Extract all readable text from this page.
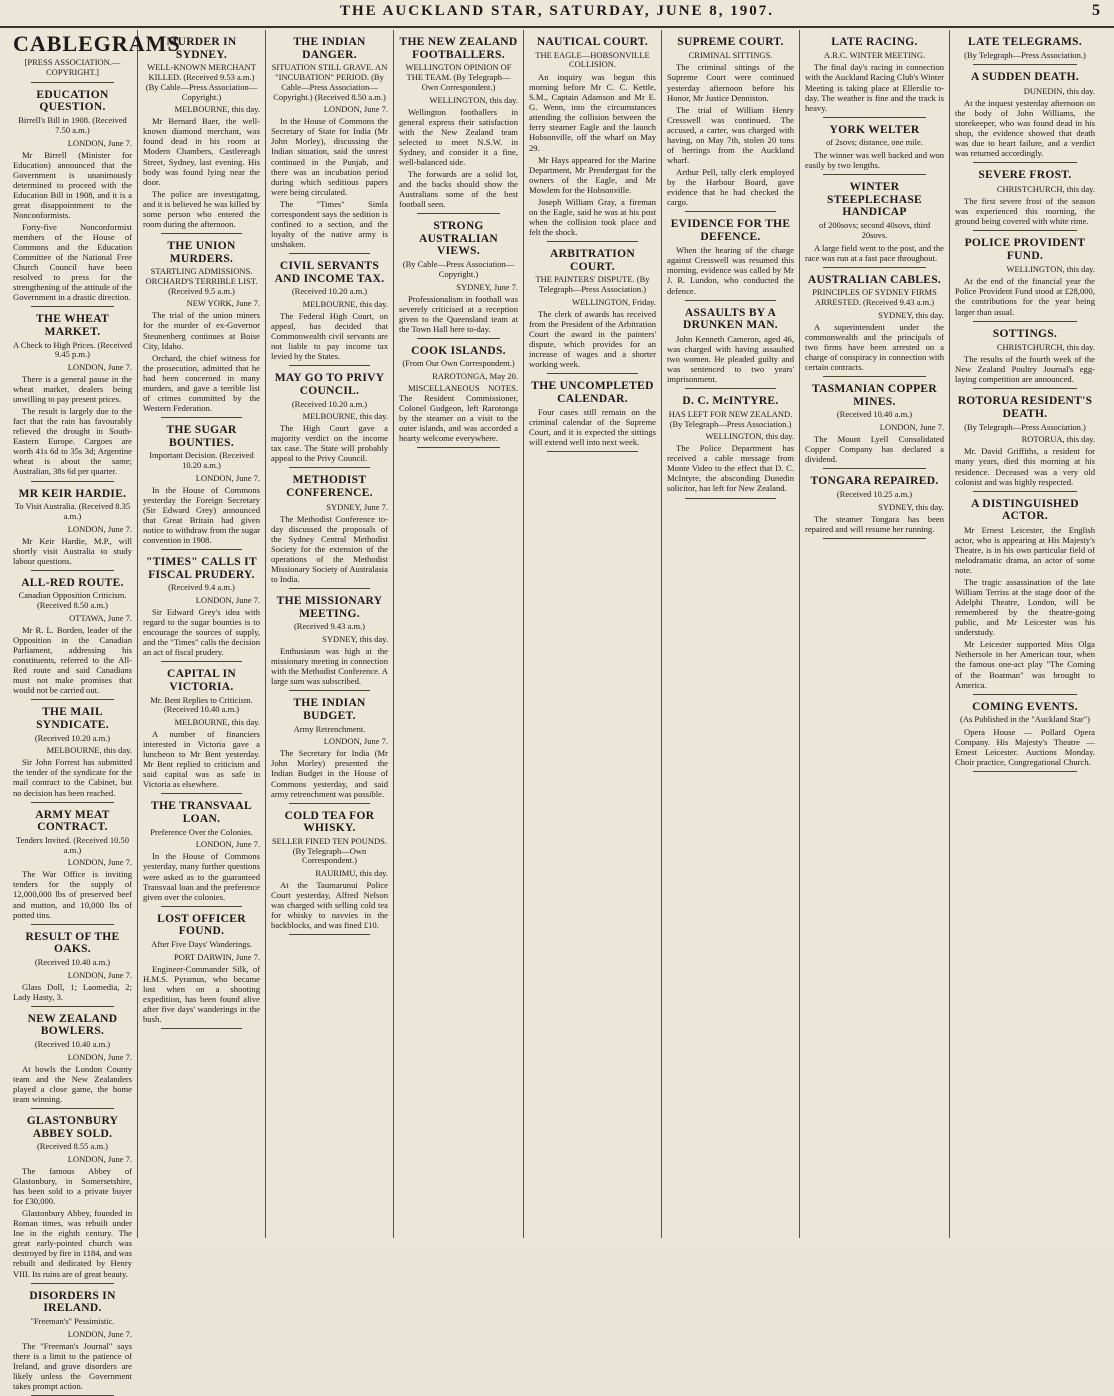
THE AUCKLAND STAR, SATURDAY, JUNE 8, 1907.	5
CABLEGRAMS
[PRESS ASSOCIATION.—COPYRIGHT.]
EDUCATION QUESTION.
Birrell's Bill in 1908. (Received 7.50 a.m.)
LONDON, June 7.

Mr Birrell (Minister for Education) announced that the Government is unanimously determined to proceed with the Education Bill in 1908, and it is a great disappointment to the Nonconformists.

Forty-five Nonconformist members of the House of Commons and the Education Committee of the National Free Church Council have been resolved to press for the strengthening of the attitude of the Government in a drastic direction.

THE WHEAT MARKET.
A Check to High Prices. (Received 9.45 p.m.)
LONDON, June 7.

There is a general pause in the wheat market, dealers being unwilling to pay present prices.

The result is largely due to the fact that the rain has favourably relieved the drought in South-Eastern Europe. Cargoes are worth 41s 6d to 35s 3d; Argentine wheat is about the same; Australian, 38s 6d per quarter.

MR KEIR HARDIE.
To Visit Australia. (Received 8.35 a.m.)
LONDON, June 7.

Mr Keir Hardie, M.P., will shortly visit Australia to study labour questions.

ALL-RED ROUTE.
Canadian Opposition Criticism. (Received 8.50 a.m.)
OTTAWA, June 7.

Mr R. L. Borden, leader of the Opposition in the Canadian Parliament, addressing his constituents, referred to the All-Red route and said Canadians must not make promises that would not be carried out.

THE MAIL SYNDICATE.
(Received 10.20 a.m.)
MELBOURNE, this day.

Sir John Forrest has submitted the tender of the syndicate for the mail contract to the Cabinet, but no decision has been reached.

ARMY MEAT CONTRACT.
Tenders Invited. (Received 10.50 a.m.)
LONDON, June 7.

The War Office is inviting tenders for the supply of 12,000,000 lbs of preserved beef and mutton, and 10,000 lbs of potted tins.

RESULT OF THE OAKS.
(Received 10.40 a.m.)
LONDON, June 7.

Glass Doll, 1; Laomedia, 2; Lady Hasty, 3.

NEW ZEALAND BOWLERS.
(Received 10.40 a.m.)
LONDON, June 7.

At bowls the London County team and the New Zealanders played a close game, the home team winning.

GLASTONBURY ABBEY SOLD.
(Received 8.55 a.m.)
LONDON, June 7.

The famous Abbey of Glastonbury, in Somersetshire, has been sold to a private buyer for £30,000.

Glastonbury Abbey, founded in Roman times, was rebuilt under Ine in the eighth century. The great early-pointed church was destroyed by fire in 1184, and was rebuilt and dedicated by Henry VIII. Its ruins are of great beauty.

DISORDERS IN IRELAND.
"Freeman's" Pessimistic.
LONDON, June 7.

The "Freeman's Journal" says there is a limit to the patience of Ireland, and grave disorders are likely unless the Government takes prompt action.

MURDER IN SYDNEY.
WELL-KNOWN MERCHANT KILLED. (Received 9.53 a.m.) (By Cable—Press Association—Copyright.)
MELBOURNE, this day.

Mr Bernard Baer, the well-known diamond merchant, was found dead in his room at Modern Chambers, Castlereagh Street, Sydney, last evening. His body was found lying near the door.

The police are investigating, and it is believed he was killed by some person who entered the room during the afternoon.

THE UNION MURDERS.
STARTLING ADMISSIONS. ORCHARD'S TERRIBLE LIST. (Received 9.5 a.m.)
NEW YORK, June 7.

The trial of the union miners for the murder of ex-Governor Steunenberg continues at Boise City, Idaho.

Orchard, the chief witness for the prosecution, admitted that he had been concerned in many murders, and gave a terrible list of crimes committed by the Western Federation.

THE SUGAR BOUNTIES.
Important Decision. (Received 10.20 a.m.)
LONDON, June 7.

In the House of Commons yesterday the Foreign Secretary (Sir Edward Grey) announced that Great Britain had given notice to withdraw from the sugar convention in 1908.

"TIMES" CALLS IT FISCAL PRUDERY.
(Received 9.4 a.m.)
LONDON, June 7.

Sir Edward Grey's idea with regard to the sugar bounties is to encourage the sources of supply, and the "Times" calls the decision an act of fiscal prudery.

CAPITAL IN VICTORIA.
Mr. Bent Replies to Criticism. (Received 10.40 a.m.)
MELBOURNE, this day.

A number of financiers interested in Victoria gave a luncheon to Mr Bent yesterday. Mr Bent replied to criticism and said capital was as safe in Victoria as elsewhere.

THE TRANSVAAL LOAN.
Preference Over the Colonies.
LONDON, June 7.

In the House of Commons yesterday, many further questions were asked as to the guaranteed Transvaal loan and the preference given over the colonies.

LOST OFFICER FOUND.
After Five Days' Wanderings.
PORT DARWIN, June 7.

Engineer-Commander Silk, of H.M.S. Pyramus, who became lost when on a shooting expedition, has been found alive after five days' wanderings in the bush.

THE INDIAN DANGER.
SITUATION STILL GRAVE. AN "INCUBATION" PERIOD. (By Cable—Press Association—Copyright.) (Received 8.50 a.m.)
LONDON, June 7.

In the House of Commons the Secretary of State for India (Mr John Morley), discussing the Indian situation, said the unrest continued in the Punjab, and there was an incubation period during which seditious papers were being circulated.

The "Times" Simla correspondent says the sedition is confined to a section, and the loyalty of the native army is unshaken.

CIVIL SERVANTS AND INCOME TAX.
(Received 10.20 a.m.)
MELBOURNE, this day.

The Federal High Court, on appeal, has decided that Commonwealth civil servants are not liable to pay income tax levied by the States.

MAY GO TO PRIVY COUNCIL.
(Received 10.20 a.m.)
MELBOURNE, this day.

The High Court gave a majority verdict on the income tax case. The State will probably appeal to the Privy Council.

METHODIST CONFERENCE.
SYDNEY, June 7.

The Methodist Conference to-day discussed the proposals of the Sydney Central Methodist Society for the extension of the operations of the Methodist Missionary Society of Australasia to India.

THE MISSIONARY MEETING.
(Received 9.43 a.m.)
SYDNEY, this day.

Enthusiasm was high at the missionary meeting in connection with the Methodist Conference. A large sum was subscribed.

THE INDIAN BUDGET.
Army Retrenchment.
LONDON, June 7.

The Secretary for India (Mr John Morley) presented the Indian Budget in the House of Commons yesterday, and said army retrenchment was possible.

COLD TEA FOR WHISKY.
SELLER FINED TEN POUNDS. (By Telegraph—Own Correspondent.)
RAURIMU, this day.

At the Taumarunui Police Court yesterday, Alfred Nelson was charged with selling cold tea for whisky to navvies in the backblocks, and was fined £10.

THE NEW ZEALAND FOOTBALLERS.
WELLINGTON OPINION OF THE TEAM. (By Telegraph—Own Correspondent.)
WELLINGTON, this day.

Wellington footballers in general express their satisfaction with the New Zealand team selected to meet N.S.W. in Sydney, and consider it a fine, well-balanced side.

The forwards are a solid lot, and the backs should show the Australians some of the best football seen.

STRONG AUSTRALIAN VIEWS.
(By Cable—Press Association—Copyright.)
SYDNEY, June 7.

Professionalism in football was severely criticised at a reception given to the Queensland team at the Town Hall here to-day.

COOK ISLANDS.
(From Our Own Correspondent.)
RAROTONGA, May 20.

MISCELLANEOUS NOTES. The Resident Commissioner, Colonel Gudgeon, left Rarotonga by the steamer on a visit to the outer islands, and was accorded a hearty welcome everywhere.

NAUTICAL COURT.
THE EAGLE—HOBSONVILLE COLLISION.

An inquiry was begun this morning before Mr C. C. Kettle, S.M., Captain Adamson and Mr E. G. Wenn, into the circumstances attending the collision between the ferry steamer Eagle and the launch Hobsonville, off the wharf on May 29.

Mr Hays appeared for the Marine Department, Mr Prendergast for the owners of the Eagle, and Mr Mowlem for the Hobsonville.

Joseph William Gray, a fireman on the Eagle, said he was at his post when the collision took place and felt the shock.

ARBITRATION COURT.
THE PAINTERS' DISPUTE. (By Telegraph—Press Association.)
WELLINGTON, Friday.

The clerk of awards has received from the President of the Arbitration Court the award in the painters' dispute, which provides for an increase of wages and a shorter working week.

THE UNCOMPLETED CALENDAR.

Four cases still remain on the criminal calendar of the Supreme Court, and it is expected the sittings will extend well into next week.

SUPREME COURT.
CRIMINAL SITTINGS.

The criminal sittings of the Supreme Court were continued yesterday afternoon before his Honor, Mr Justice Denniston.

The trial of William Henry Cresswell was continued. The accused, a carter, was charged with having, on May 7th, stolen 20 tons of herrings from the Auckland wharf.

Arthur Pell, tally clerk employed by the Harbour Board, gave evidence that he had checked the cargo.

EVIDENCE FOR THE DEFENCE.

When the hearing of the charge against Cresswell was resumed this morning, evidence was called by Mr J. R. Lundon, who conducted the defence.

ASSAULTS BY A DRUNKEN MAN.

John Kenneth Cameron, aged 46, was charged with having assaulted two women. He pleaded guilty and was sentenced to two years' imprisonment.

D. C. McINTYRE.
HAS LEFT FOR NEW ZEALAND. (By Telegraph—Press Association.)
WELLINGTON, this day.

The Police Department has received a cable message from Monte Video to the effect that D. C. McIntyre, the absconding Dunedin solicitor, has left for New Zealand.

LATE RACING.
A.R.C. WINTER MEETING.

The final day's racing in connection with the Auckland Racing Club's Winter Meeting is taking place at Ellerslie to-day. The weather is fine and the track is heavy.

YORK WELTER
of 2sovs; distance, one mile.

The winner was well backed and won easily by two lengths.

WINTER STEEPLECHASE HANDICAP
of 200sovs; second 40sovs, third 20sovs.

A large field went to the post, and the race was run at a fast pace throughout.

AUSTRALIAN CABLES.
PRINCIPLES OF SYDNEY FIRMS ARRESTED. (Received 9.43 a.m.)
SYDNEY, this day.

A superintendent under the commonwealth and the principals of two firms have been arrested on a charge of conspiracy in connection with certain contracts.

TASMANIAN COPPER MINES.
(Received 10.40 a.m.)
LONDON, June 7.

The Mount Lyell Consolidated Copper Company has declared a dividend.

TONGARA REPAIRED.
(Received 10.25 a.m.)
SYDNEY, this day.

The steamer Tongara has been repaired and will resume her running.

LATE TELEGRAMS.
(By Telegraph—Press Association.)
A SUDDEN DEATH.
DUNEDIN, this day.

At the inquest yesterday afternoon on the body of John Williams, the storekeeper, who was found dead in his shop, the evidence showed that death was due to heart failure, and a verdict was returned accordingly.

SEVERE FROST.
CHRISTCHURCH, this day.

The first severe frost of the season was experienced this morning, the ground being covered with white rime.

POLICE PROVIDENT FUND.
WELLINGTON, this day.

At the end of the financial year the Police Provident Fund stood at £28,000, the contributions for the year being larger than usual.

SOTTINGS.
CHRISTCHURCH, this day.

The results of the fourth week of the New Zealand Poultry Journal's egg-laying competition are announced.

ROTORUA RESIDENT'S DEATH.
(By Telegraph—Press Association.)
ROTORUA, this day.

Mr. David Griffiths, a resident for many years, died this morning at his residence. Deceased was a very old colonist and was highly respected.

A DISTINGUISHED ACTOR.

Mr Ernest Leicester, the English actor, who is appearing at His Majesty's Theatre, is in his own particular field of melodramatic drama, an actor of some note.

The tragic assassination of the late William Terriss at the stage door of the Adelphi Theatre, London, will be remembered by the theatre-going public, and Mr Leicester was his understudy.

Mr Leicester supported Miss Olga Nethersole in her American tour, when the famous one-act play "The Coming of the Boatman" was brought to America.

COMING EVENTS.
(As Published in the "Auckland Star")

Opera House — Pollard Opera Company. His Majesty's Theatre — Ernest Leicester. Auctions Monday. Choir practice, Congregational Church.
